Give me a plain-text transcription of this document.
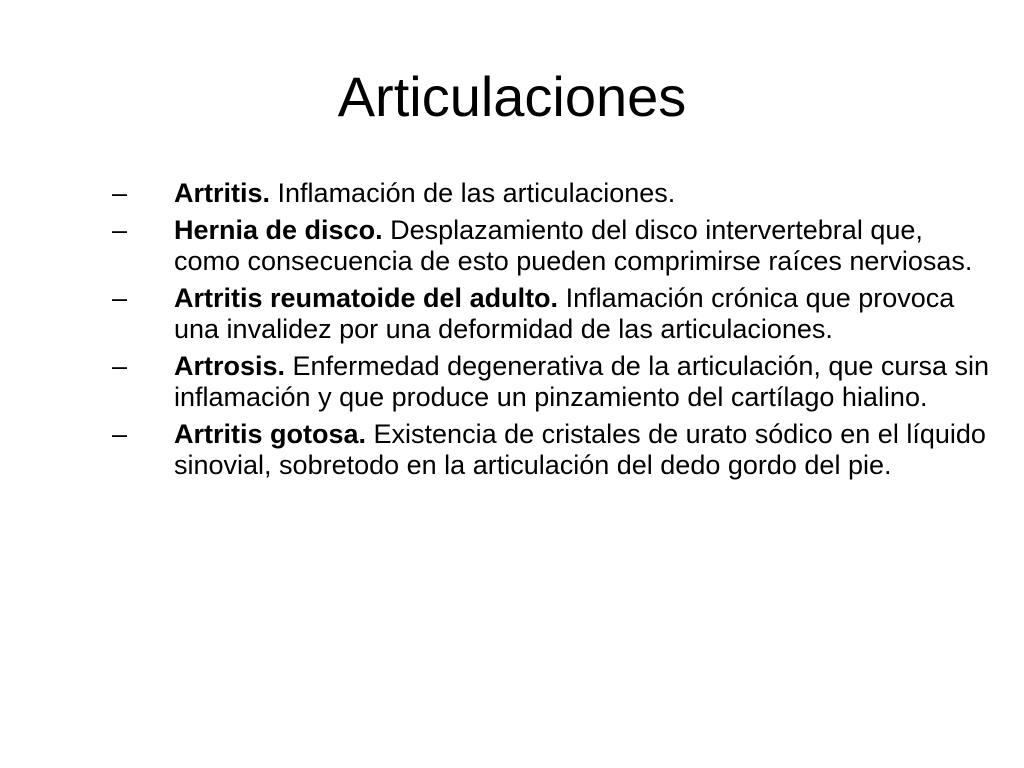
Articulaciones
– Artritis. Inflamación de las articulaciones.
– Hernia de disco. Desplazamiento del disco intervertebral que, como consecuencia de esto pueden comprimirse raíces nerviosas.
– Artritis reumatoide del adulto. Inflamación crónica que provoca una invalidez por una deformidad de las articulaciones.
– Artrosis. Enfermedad degenerativa de la articulación, que cursa sin inflamación y que produce un pinzamiento del cartílago hialino.
– Artritis gotosa. Existencia de cristales de urato sódico en el líquido sinovial, sobretodo en la articulación del dedo gordo del pie.
